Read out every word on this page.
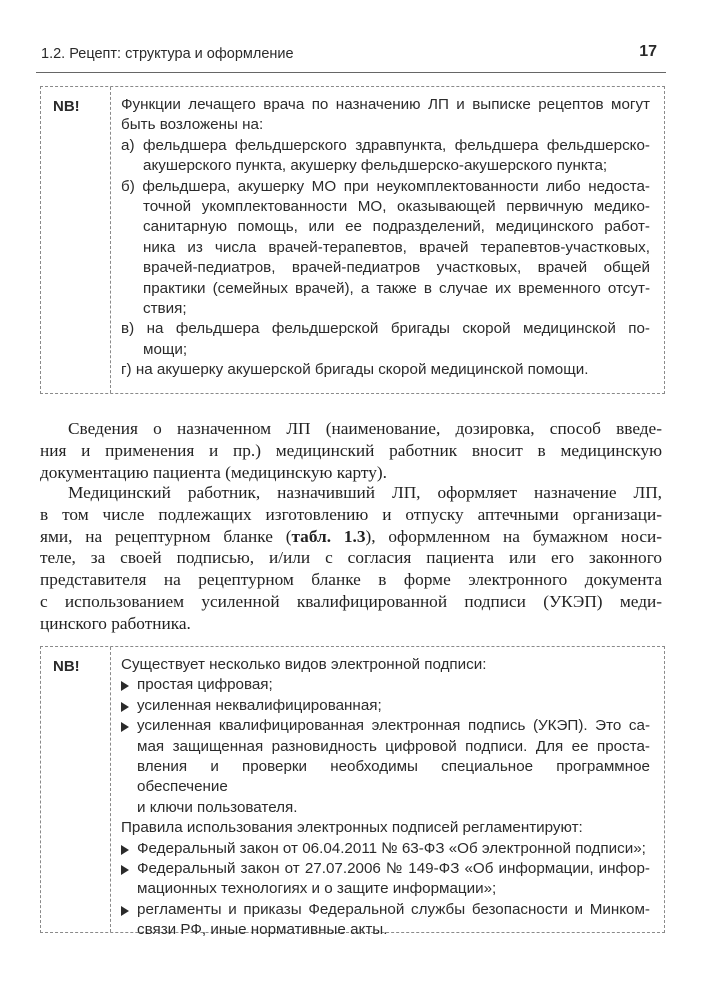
1.2. Рецепт: структура и оформление	17
NB!	Функции лечащего врача по назначению ЛП и выписке рецептов могут
быть возложены на:
а) фельдшера фельдшерского здравпункта, фельдшера фельдшерско-
акушерского пункта, акушерку фельдшерско-акушерского пункта;
б) фельдшера, акушерку МО при неукомплектованности либо недоста-
точной укомплектованности МО, оказывающей первичную медико-
санитарную помощь, или ее подразделений, медицинского работ-
ника из числа врачей-терапевтов, врачей терапевтов-участковых,
врачей-педиатров, врачей-педиатров участковых, врачей общей
практики (семейных врачей), а также в случае их временного отсут-
ствия;
в) на фельдшера фельдшерской бригады скорой медицинской по-
мощи;
г) на акушерку акушерской бригады скорой медицинской помощи.
Сведения о назначенном ЛП (наименование, дозировка, способ введе-
ния и применения и пр.) медицинский работник вносит в медицинскую
документацию пациента (медицинскую карту).
Медицинский работник, назначивший ЛП, оформляет назначение ЛП,
в том числе подлежащих изготовлению и отпуску аптечными организаци-
ями, на рецептурном бланке (табл. 1.3), оформленном на бумажном носи-
теле, за своей подписью, и/или с согласия пациента или его законного
представителя на рецептурном бланке в форме электронного документа
с использованием усиленной квалифицированной подписи (УКЭП) меди-
цинского работника.
NB!	Существует несколько видов электронной подписи:
простая цифровая;
усиленная неквалифицированная;
усиленная квалифицированная электронная подпись (УКЭП). Это са-
мая защищенная разновидность цифровой подписи. Для ее проста-
вления и проверки необходимы специальное программное обеспечение
и ключи пользователя.
Правила использования электронных подписей регламентируют:
Федеральный закон от 06.04.2011 № 63-ФЗ «Об электронной подписи»;
Федеральный закон от 27.07.2006 № 149-ФЗ «Об информации, инфор-
мационных технологиях и о защите информации»;
регламенты и приказы Федеральной службы безопасности и Минком-
связи РФ, иные нормативные акты.
